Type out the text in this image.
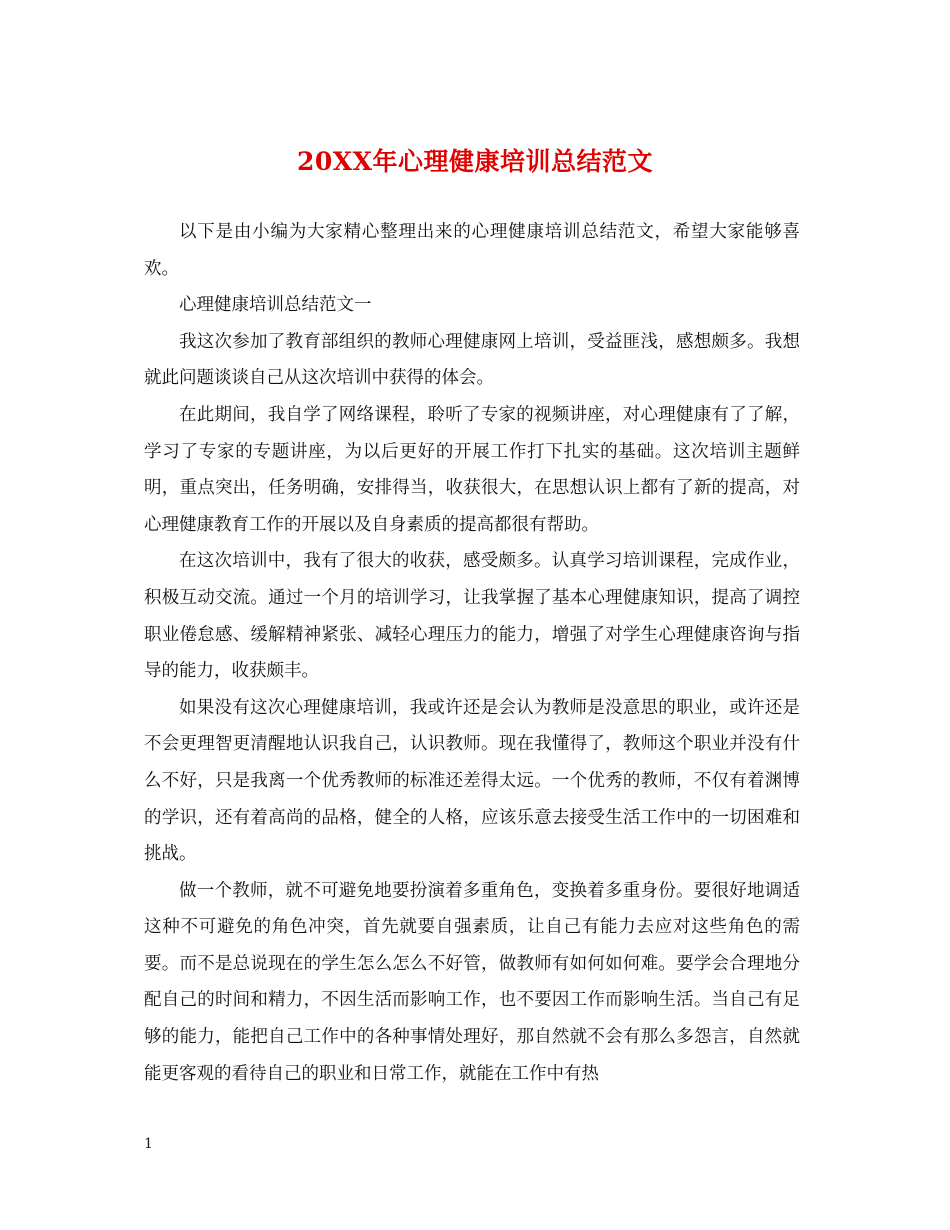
20XX年心理健康培训总结范文

以下是由小编为大家精心整理出来的心理健康培训总结范文，希望大家能够喜欢。

心理健康培训总结范文一

我这次参加了教育部组织的教师心理健康网上培训，受益匪浅，感想颇多。我想就此问题谈谈自己从这次培训中获得的体会。

在此期间，我自学了网络课程，聆听了专家的视频讲座，对心理健康有了了解，学习了专家的专题讲座，为以后更好的开展工作打下扎实的基础。这次培训主题鲜明，重点突出，任务明确，安排得当，收获很大，在思想认识上都有了新的提高，对心理健康教育工作的开展以及自身素质的提高都很有帮助。

在这次培训中，我有了很大的收获，感受颇多。认真学习培训课程，完成作业，积极互动交流。通过一个月的培训学习，让我掌握了基本心理健康知识，提高了调控职业倦怠感、缓解精神紧张、减轻心理压力的能力，增强了对学生心理健康咨询与指导的能力，收获颇丰。

如果没有这次心理健康培训，我或许还是会认为教师是没意思的职业，或许还是不会更理智更清醒地认识我自己，认识教师。现在我懂得了，教师这个职业并没有什么不好，只是我离一个优秀教师的标准还差得太远。一个优秀的教师，不仅有着渊博的学识，还有着高尚的品格，健全的人格，应该乐意去接受生活工作中的一切困难和挑战。

做一个教师，就不可避免地要扮演着多重角色，变换着多重身份。要很好地调适这种不可避免的角色冲突，首先就要自强素质，让自己有能力去应对这些角色的需要。而不是总说现在的学生怎么怎么不好管，做教师有如何如何难。要学会合理地分配自己的时间和精力，不因生活而影响工作，也不要因工作而影响生活。当自己有足够的能力，能把自己工作中的各种事情处理好，那自然就不会有那么多怨言，自然就能更客观的看待自己的职业和日常工作，就能在工作中有热

1
